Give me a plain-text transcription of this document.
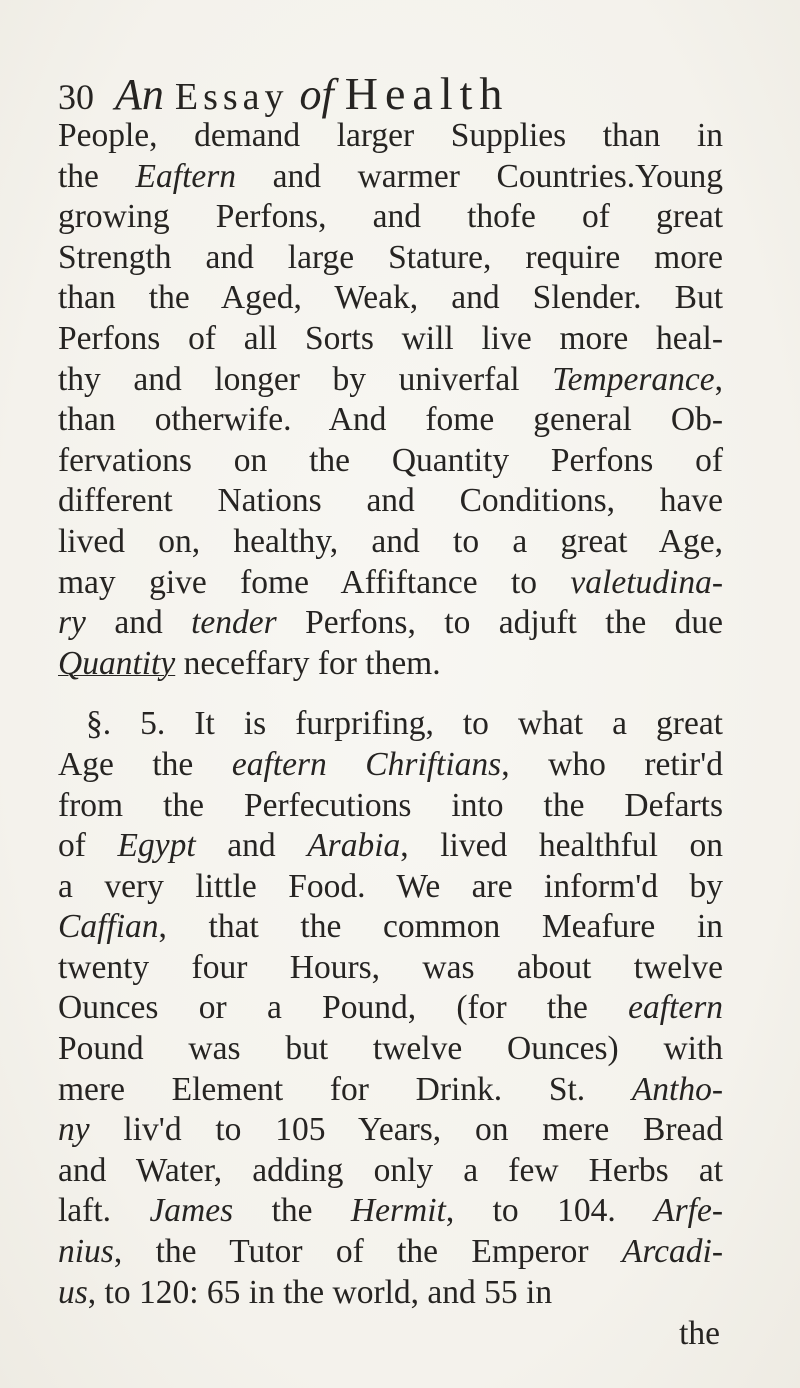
30 An Essay of Health
People, demand larger Supplies than in
the Eaftern and warmer Countries.Young
growing Perfons, and thofe of great
Strength and large Stature, require more
than the Aged, Weak, and Slender. But
Perfons of all Sorts will live more heal-
thy and longer by univerfal Temperance,
than otherwife. And fome general Ob-
fervations on the Quantity Perfons of
different Nations and Conditions, have
lived on, healthy, and to a great Age,
may give fome Affiftance to valetudina-
ry and tender Perfons, to adjuft the due
Quantity neceffary for them.
§. 5. It is furprifing, to what a great
Age the eaftern Chriftians, who retir'd
from the Perfecutions into the Defarts
of Egypt and Arabia, lived healthful on
a very little Food. We are inform'd by
Caffian, that the common Meafure in
twenty four Hours, was about twelve
Ounces or a Pound, (for the eaftern
Pound was but twelve Ounces) with
mere Element for Drink. St. Antho-
ny liv'd to 105 Years, on mere Bread
and Water, adding only a few Herbs at
laft. James the Hermit, to 104. Arfe-
nius, the Tutor of the Emperor Arcadi-
us, to 120: 65 in the world, and 55 in
the
